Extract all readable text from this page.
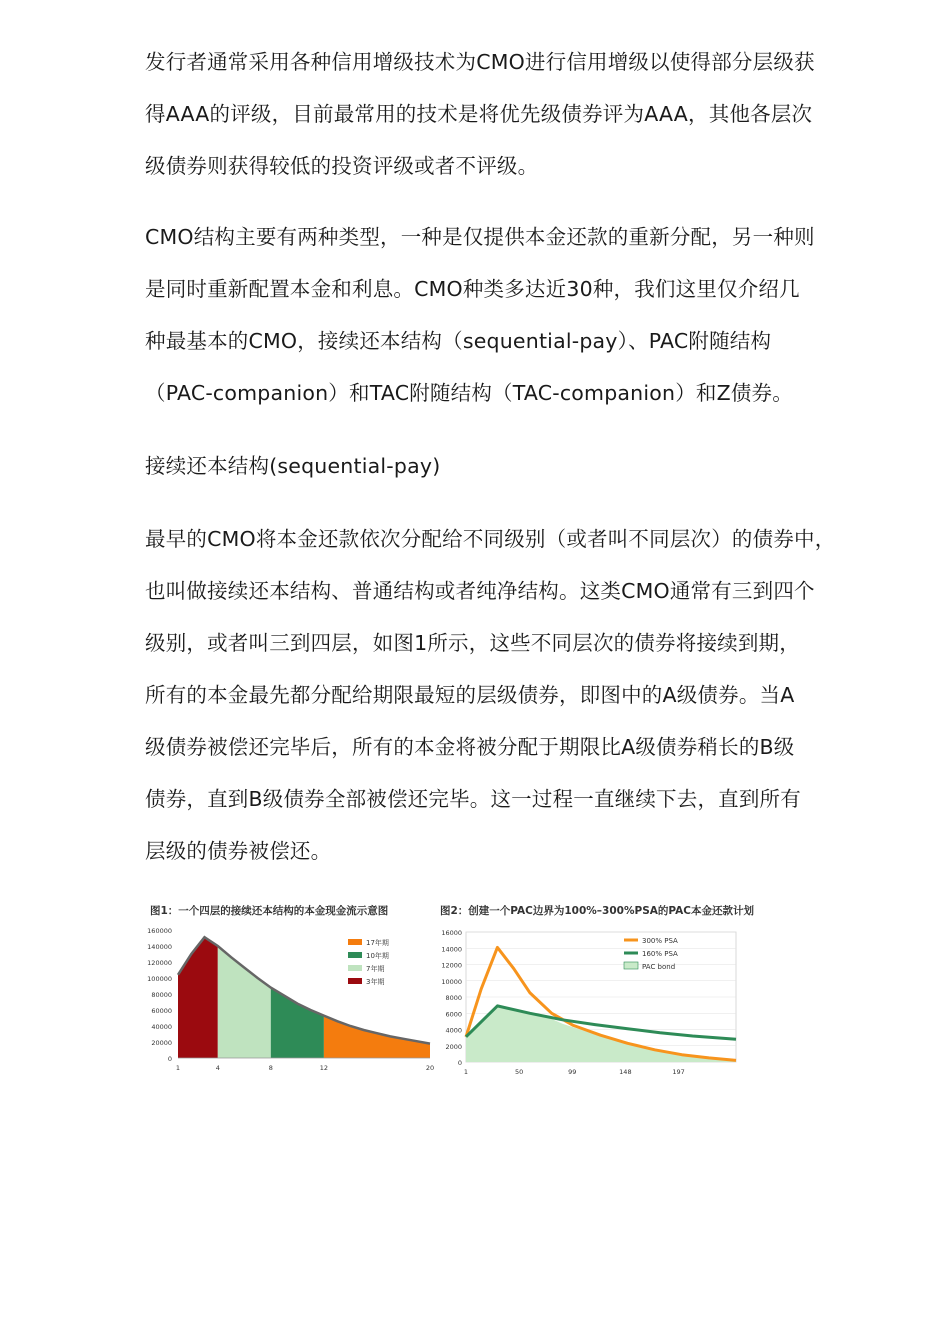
发行者通常采用各种信用增级技术为CMO进行信用增级以使得部分层级获
得AAA的评级，目前最常用的技术是将优先级债券评为AAA，其他各层次
级债券则获得较低的投资评级或者不评级。
CMO结构主要有两种类型，一种是仅提供本金还款的重新分配，另一种则
是同时重新配置本金和利息。CMO种类多达近30种，我们这里仅介绍几
种最基本的CMO，接续还本结构（sequential-pay）、PAC附随结构
（PAC-companion）和TAC附随结构（TAC-companion）和Z债券。
接续还本结构(sequential-pay)
最早的CMO将本金还款依次分配给不同级别（或者叫不同层次）的债券中，
也叫做接续还本结构、普通结构或者纯净结构。这类CMO通常有三到四个
级别，或者叫三到四层，如图1所示，这些不同层次的债券将接续到期，
所有的本金最先都分配给期限最短的层级债券，即图中的A级债券。当A
级债券被偿还完毕后，所有的本金将被分配于期限比A级债券稍长的B级
债券，直到B级债券全部被偿还完毕。这一过程一直继续下去，直到所有
层级的债券被偿还。
图1：一个四层的接续还本结构的本金现金流示意图
0
20000
40000
60000
80000
100000
120000
140000
160000
1	4	8	12	20
17年期
10年期
7年期
3年期
图2：创建一个PAC边界为100%–300%PSA的PAC本金还款计划
0
2000
4000
6000
8000
10000
12000
14000
16000
1	50	99	148	197
300% PSA
160% PSA
PAC bond
